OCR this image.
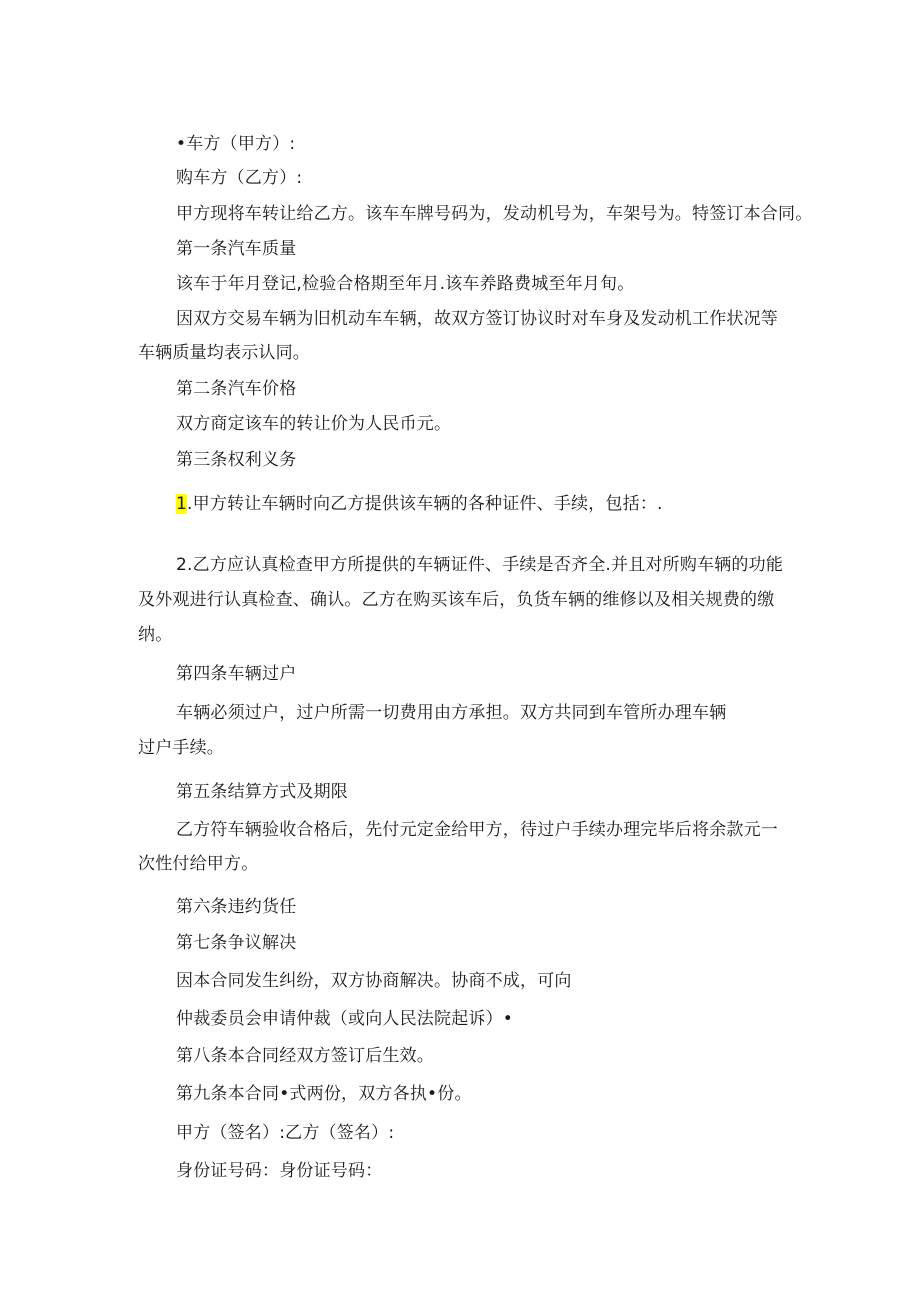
•车方（甲方）:
购车方（乙方）:
甲方现将车转让给乙方。该车车牌号码为，发动机号为，车架号为。特签订本合同。
第一条汽车质量
该车于年月登记,检验合格期至年月.该车养路费城至年月旬。
因双方交易车辆为旧机动车车辆，故双方签订协议时对车身及发动机工作状况等
车辆质量均表示认同。
第二条汽车价格
双方商定该车的转让价为人民币元。
第三条权利义务
1.甲方转让车辆时向乙方提供该车辆的各种证件、手续，包括：.
2.乙方应认真检查甲方所提供的车辆证件、手续是否齐全.并且对所购车辆的功能
及外观进行认真检查、确认。乙方在购买该车后，负货车辆的维修以及相关规费的缴
纳。
第四条车辆过户
车辆必须过户，过户所需一切费用由方承担。双方共同到车管所办理车辆
过户手续。
第五条结算方式及期限
乙方符车辆验收合格后，先付元定金给甲方，待过户手续办理完毕后将余款元一
次性付给甲方。
第六条违约货任
第七条争议解决
因本合同发生纠纷，双方协商解决。协商不成，可向
仲裁委员会申请仲裁（或向人民法院起诉）•
第八条本合同经双方签订后生效。
第九条本合同•式两份，双方各执•份。
甲方（签名）:乙方（签名）:
身份证号码：身份证号码：
